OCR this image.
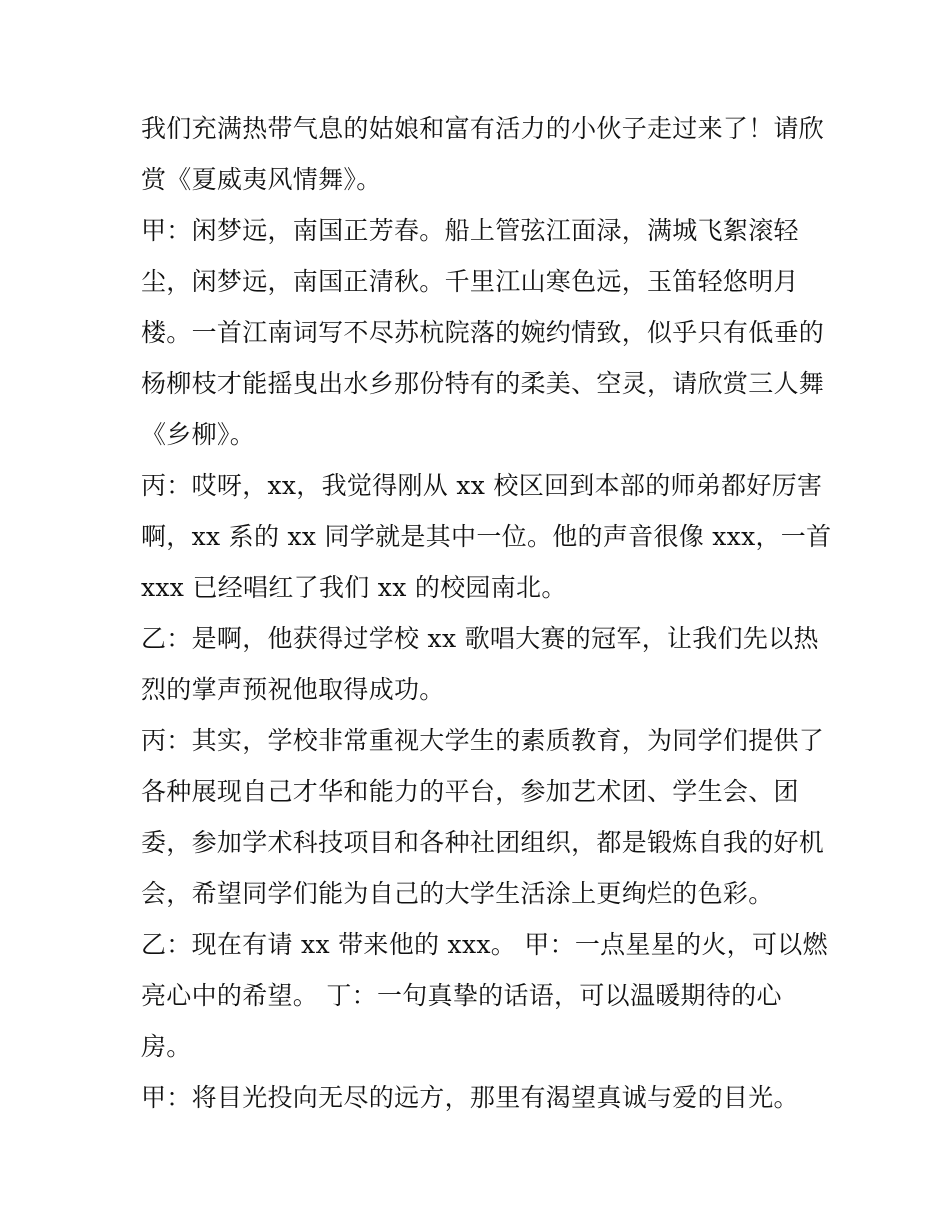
我们充满热带气息的姑娘和富有活力的小伙子走过来了！请欣
赏《夏威夷风情舞》。
甲：闲梦远，南国正芳春。船上管弦江面渌，满城飞絮滚轻
尘，闲梦远，南国正清秋。千里江山寒色远，玉笛轻悠明月
楼。一首江南词写不尽苏杭院落的婉约情致，似乎只有低垂的
杨柳枝才能摇曳出水乡那份特有的柔美、空灵，请欣赏三人舞
《乡柳》。
丙：哎呀，xx，我觉得刚从 xx 校区回到本部的师弟都好厉害
啊，xx 系的 xx 同学就是其中一位。他的声音很像 xxx，一首
xxx 已经唱红了我们 xx 的校园南北。
乙：是啊，他获得过学校 xx 歌唱大赛的冠军，让我们先以热
烈的掌声预祝他取得成功。
丙：其实，学校非常重视大学生的素质教育，为同学们提供了
各种展现自己才华和能力的平台，参加艺术团、学生会、团
委，参加学术科技项目和各种社团组织，都是锻炼自我的好机
会，希望同学们能为自己的大学生活涂上更绚烂的色彩。
乙：现在有请 xx 带来他的 xxx。 甲：一点星星的火，可以燃
亮心中的希望。 丁：一句真挚的话语，可以温暖期待的心
房。
甲：将目光投向无尽的远方，那里有渴望真诚与爱的目光。
